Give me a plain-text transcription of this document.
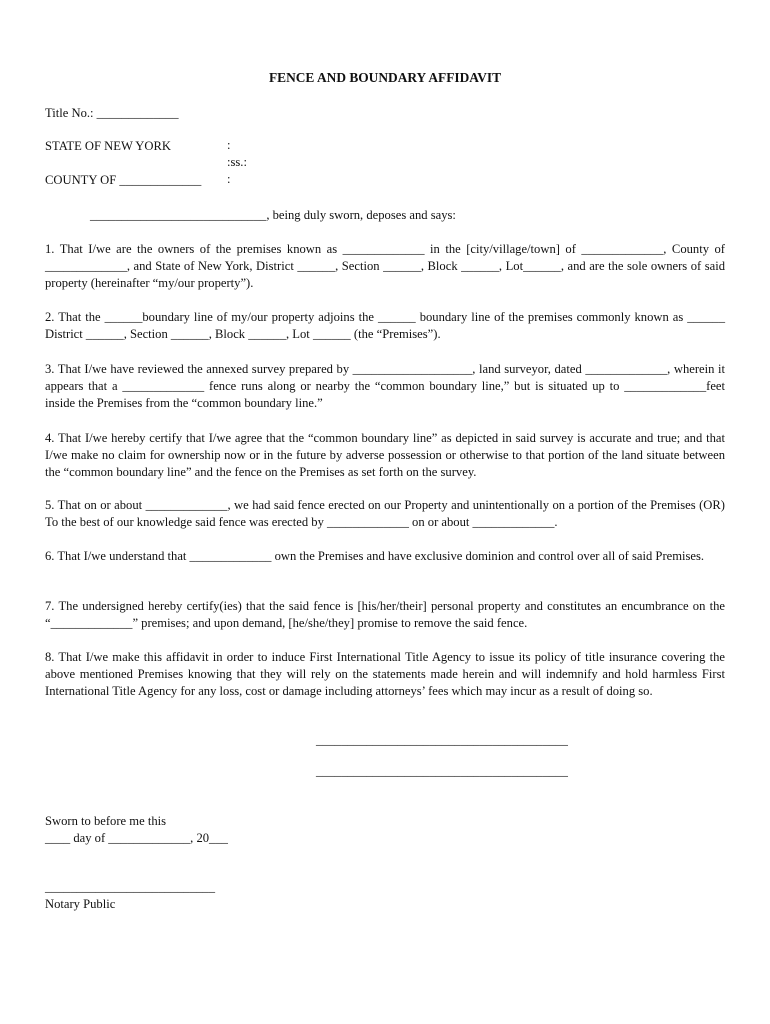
FENCE AND BOUNDARY AFFIDAVIT
Title No.: _____________
STATE OF NEW YORK	:
:ss.:
COUNTY OF _____________ :
____________________________, being duly sworn, deposes and says:
1. That I/we are the owners of the premises known as _____________ in the [city/village/town] of _____________, County of _____________, and State of New York, District ______, Section ______, Block ______, Lot______, and are the sole owners of said property (hereinafter “my/our property”).
2. That the ______boundary line of my/our property adjoins the ______ boundary line of the premises commonly known as ______ District ______, Section ______, Block ______, Lot ______ (the “Premises”).
3. That I/we have reviewed the annexed survey prepared by ___________________, land surveyor, dated _____________, wherein it appears that a _____________ fence runs along or nearby the “common boundary line,” but is situated up to _____________feet inside the Premises from the “common boundary line.”
4. That I/we hereby certify that I/we agree that the “common boundary line” as depicted in said survey is accurate and true; and that I/we make no claim for ownership now or in the future by adverse possession or otherwise to that portion of the land situate between the “common boundary line” and the fence on the Premises as set forth on the survey.
5. That on or about _____________, we had said fence erected on our Property and unintentionally on a portion of the Premises (OR) To the best of our knowledge said fence was erected by _____________ on or about _____________.
6. That I/we understand that _____________ own the Premises and have exclusive dominion and control over all of said Premises.
7. The undersigned hereby certify(ies) that the said fence is [his/her/their] personal property and constitutes an encumbrance on the “_____________” premises; and upon demand, [he/she/they] promise to remove the said fence.
8. That I/we make this affidavit in order to induce First International Title Agency to issue its policy of title insurance covering the above mentioned Premises knowing that they will rely on the statements made herein and will indemnify and hold harmless First International Title Agency for any loss, cost or damage including attorneys’ fees which may incur as a result of doing so.
________________________________________
________________________________________
Sworn to before me this
____ day of _____________, 20___
___________________________
Notary Public
